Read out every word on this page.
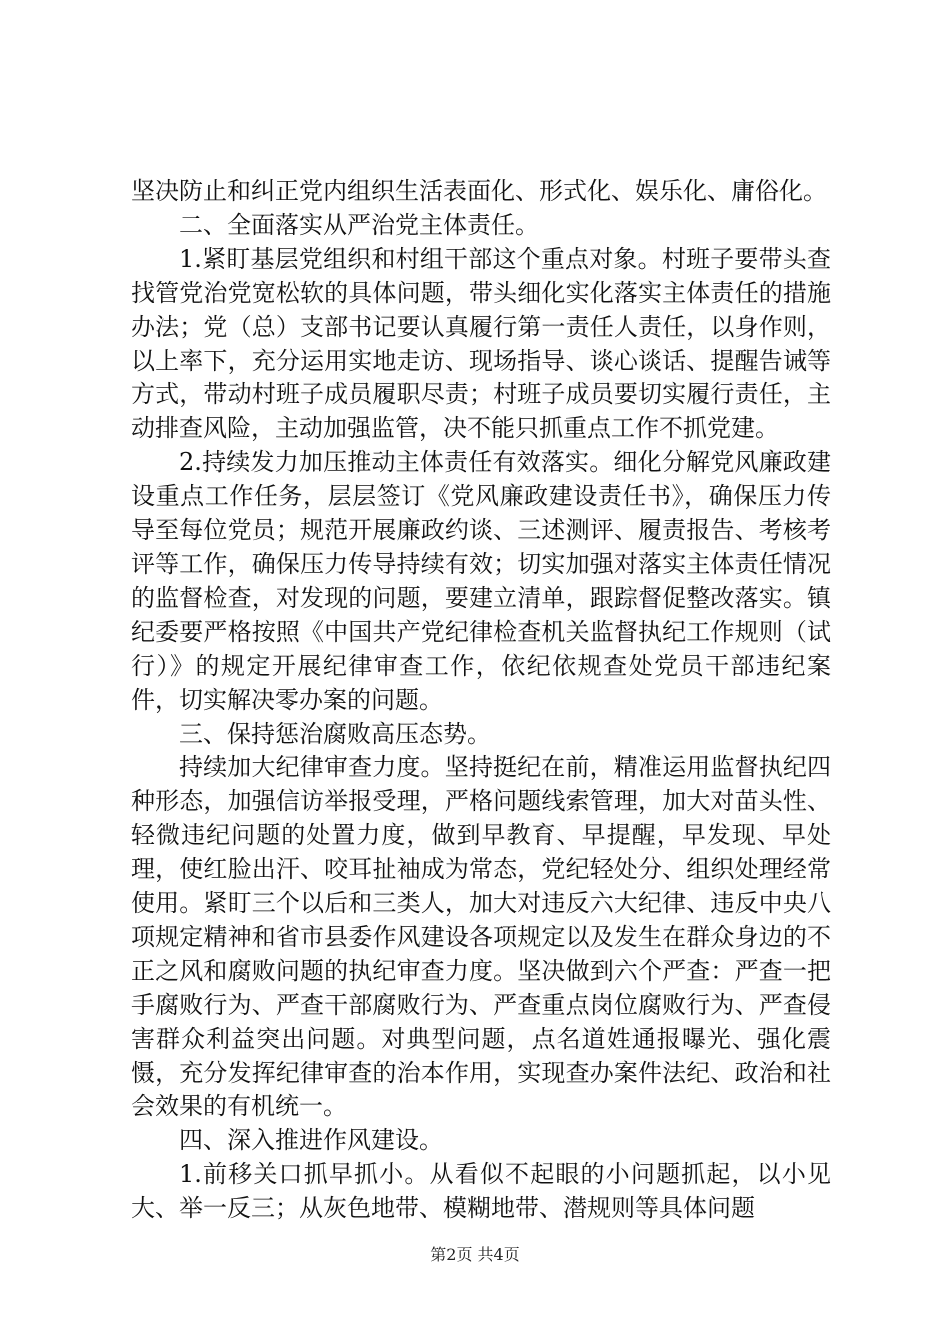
坚决防止和纠正党内组织生活表面化、形式化、娱乐化、庸俗化。

二、全面落实从严治党主体责任。

1.紧盯基层党组织和村组干部这个重点对象。村班子要带头查找管党治党宽松软的具体问题，带头细化实化落实主体责任的措施办法；党（总）支部书记要认真履行第一责任人责任，以身作则，以上率下，充分运用实地走访、现场指导、谈心谈话、提醒告诫等方式，带动村班子成员履职尽责；村班子成员要切实履行责任，主动排查风险，主动加强监管，决不能只抓重点工作不抓党建。

2.持续发力加压推动主体责任有效落实。细化分解党风廉政建设重点工作任务，层层签订《党风廉政建设责任书》，确保压力传导至每位党员；规范开展廉政约谈、三述测评、履责报告、考核考评等工作，确保压力传导持续有效；切实加强对落实主体责任情况的监督检查，对发现的问题，要建立清单，跟踪督促整改落实。镇纪委要严格按照《中国共产党纪律检查机关监督执纪工作规则（试行）》的规定开展纪律审查工作，依纪依规查处党员干部违纪案件，切实解决零办案的问题。

三、保持惩治腐败高压态势。

持续加大纪律审查力度。坚持挺纪在前，精准运用监督执纪四种形态，加强信访举报受理，严格问题线索管理，加大对苗头性、轻微违纪问题的处置力度，做到早教育、早提醒，早发现、早处理，使红脸出汗、咬耳扯袖成为常态，党纪轻处分、组织处理经常使用。紧盯三个以后和三类人，加大对违反六大纪律、违反中央八项规定精神和省市县委作风建设各项规定以及发生在群众身边的不正之风和腐败问题的执纪审查力度。坚决做到六个严查：严查一把手腐败行为、严查干部腐败行为、严查重点岗位腐败行为、严查侵害群众利益突出问题。对典型问题，点名道姓通报曝光、强化震慑，充分发挥纪律审查的治本作用，实现查办案件法纪、政治和社会效果的有机统一。

四、深入推进作风建设。

1.前移关口抓早抓小。从看似不起眼的小问题抓起，以小见大、举一反三；从灰色地带、模糊地带、潜规则等具体问题

第2页 共4页
